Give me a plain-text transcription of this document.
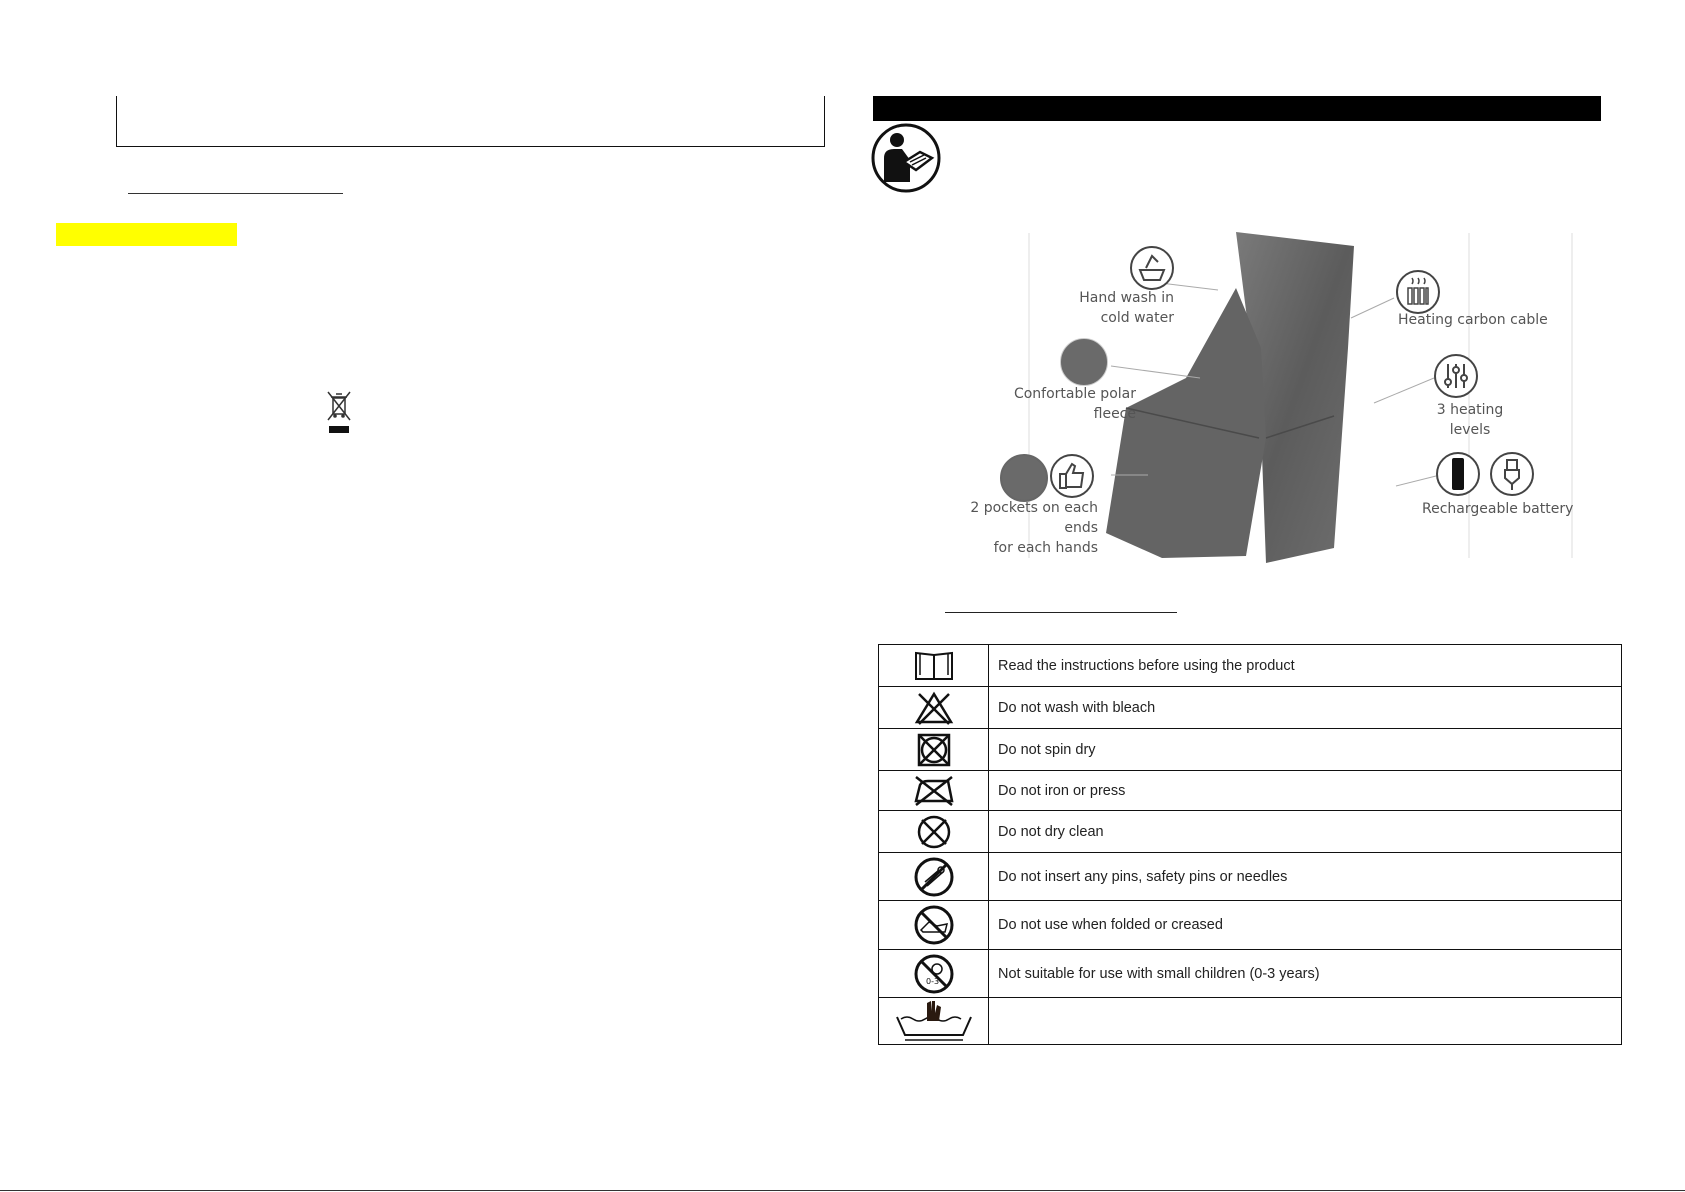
Hand wash in
cold water
Confortable polar
fleece
2 pockets on each ends
for each hands
Heating carbon cable
3 heating
levels
Rechargeable battery
	Read the instructions before using the product

	Do not wash with bleach

	Do not spin dry

	Do not iron or press

	Do not dry clean

	Do not insert any pins, safety pins or needles

	Do not use when folded or creased

0-3	Not suitable for use with small children (0-3 years)
